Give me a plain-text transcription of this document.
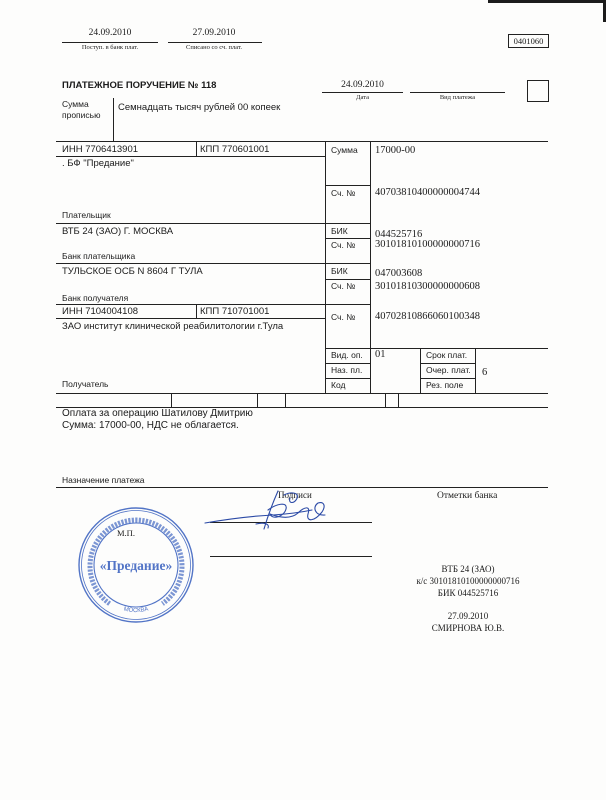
24.09.2010
Поступ. в банк плат.
27.09.2010
Списано со сч. плат.
0401060
ПЛАТЕЖНОЕ ПОРУЧЕНИЕ № 118	24.09.2010
Дата	Вид платежа
Сумма
прописью
Семнадцать тысяч рублей 00 копеек
ИНН 7706413901	КПП 770601001
. БФ "Предание"
Сумма 17000-00
Сч. № 40703810400000004744
Плательщик
ВТБ 24 (ЗАО) Г. МОСКВА	БИК	044525716
Сч. № 30101810100000000716
Банк плательщика
ТУЛЬСКОЕ ОСБ N 8604 Г ТУЛА	БИК	047003608
Сч. № 30101810300000000608
Банк получателя
ИНН 7104004108	КПП 710701001	Сч. № 40702810866060100348
ЗАО институт клинической реабилитологии г.Тула
Вид. оп. 01	Срок плат.
Наз. пл.	Очер. плат. 6
Код	Рез. поле
Получатель
Оплата за операцию Шатилову Дмитрию
Сумма: 17000-00, НДС не облагается.
Назначение платежа
Подписи	Отметки банка
М.П.
МОСКВА
«Предание»	ВТБ 24 (ЗАО)
к/с 30101810100000000716
БИК 044525716
27.09.2010
СМИРНОВА Ю.В.
